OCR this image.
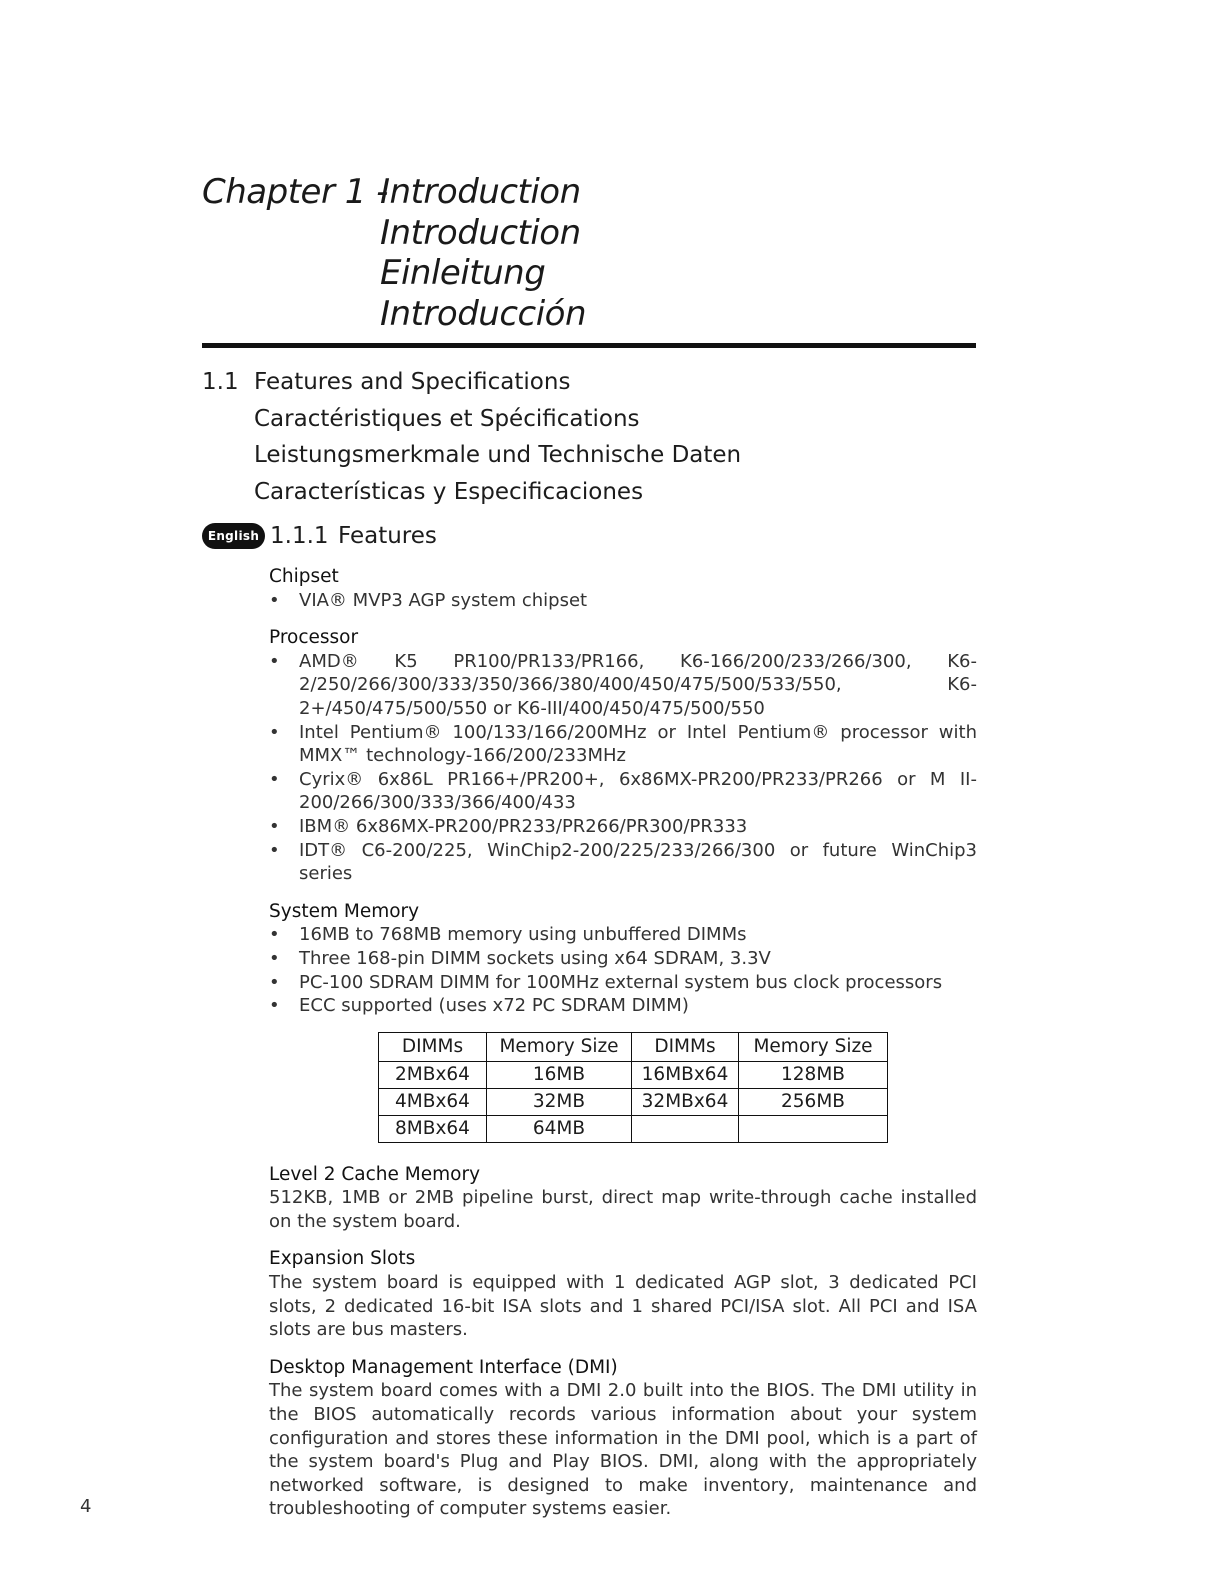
Chapter 1 -Introduction
Introduction
Einleitung
Introducción
1.1 Features and Specifications
Caractéristiques et Spécifications
Leistungsmerkmale und Technische Daten
Características y Especificaciones
English 1.1.1 Features
Chipset
• VIA® MVP3 AGP system chipset
Processor
• AMD® K5 PR100/PR133/PR166, K6-166/200/233/266/300, K6-2/250/266/300/333/350/366/380/400/450/475/500/533/550, K6-2+/450/475/500/550 or K6-III/400/450/475/500/550
• Intel Pentium® 100/133/166/200MHz or Intel Pentium® processor with MMX™ technology-166/200/233MHz
• Cyrix® 6x86L PR166+/PR200+, 6x86MX-PR200/PR233/PR266 or M II-200/266/300/333/366/400/433
• IBM® 6x86MX-PR200/PR233/PR266/PR300/PR333
• IDT® C6-200/225, WinChip2-200/225/233/266/300 or future WinChip3 series
System Memory
• 16MB to 768MB memory using unbuffered DIMMs
• Three 168-pin DIMM sockets using x64 SDRAM, 3.3V
• PC-100 SDRAM DIMM for 100MHz external system bus clock processors
• ECC supported (uses x72 PC SDRAM DIMM)
DIMMs	Memory Size	DIMMs	Memory Size
2MBx64	16MB	16MBx64	128MB
4MBx64	32MB	32MBx64	256MB
8MBx64	64MB		
Level 2 Cache Memory

512KB, 1MB or 2MB pipeline burst, direct map write-through cache installed on the system board.

Expansion Slots

The system board is equipped with 1 dedicated AGP slot, 3 dedicated PCI slots, 2 dedicated 16-bit ISA slots and 1 shared PCI/ISA slot. All PCI and ISA slots are bus masters.

Desktop Management Interface (DMI)

The system board comes with a DMI 2.0 built into the BIOS. The DMI utility in the BIOS automatically records various information about your system configuration and stores these information in the DMI pool, which is a part of the system board's Plug and Play BIOS. DMI, along with the appropriately networked software, is designed to make inventory, maintenance and troubleshooting of computer systems easier.

4
